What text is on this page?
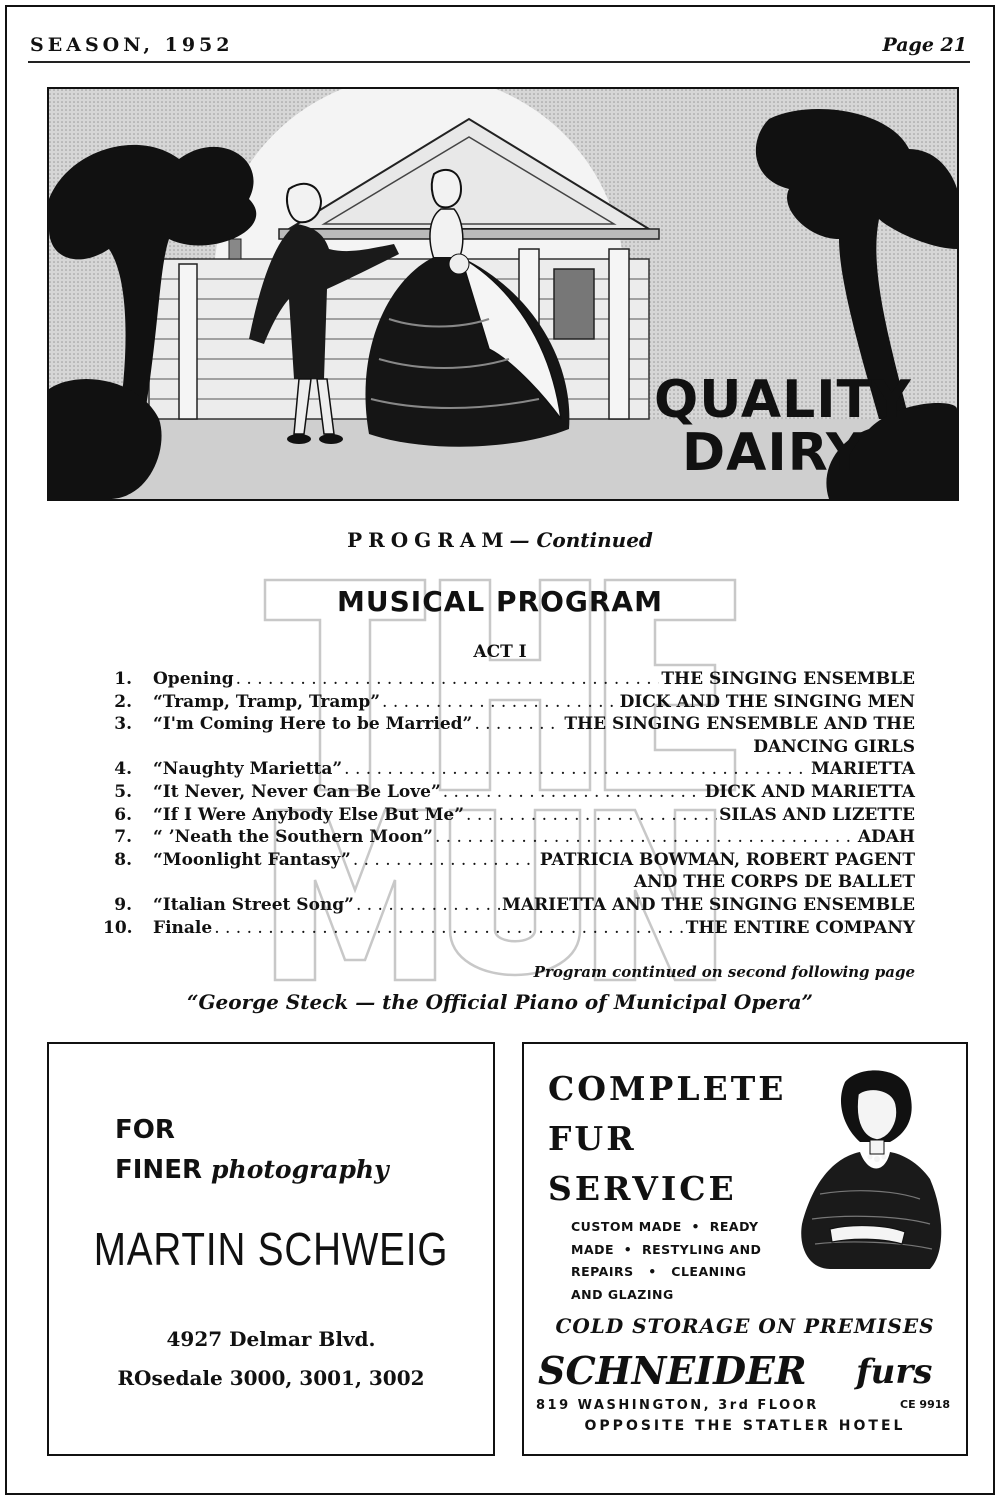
SEASON, 1952	Page 21
QUALITY
DAIRY
PROGRAM— Continued
MUSICAL PROGRAM
ACT I
1. Opening . . .	THE SINGING ENSEMBLE
2. “Tramp, Tramp, Tramp” . . .	DICK AND THE SINGING MEN
3. “I'm Coming Here to be Married” . . .	THE SINGING ENSEMBLE AND THE
DANCING GIRLS
4. “Naughty Marietta” . . .	MARIETTA
5. “It Never, Never Can Be Love” . . .	DICK AND MARIETTA
6. “If I Were Anybody Else But Me” . . .	SILAS AND LIZETTE
7. “ ’Neath the Southern Moon” . . .	ADAH
8. “Moonlight Fantasy” . . .	PATRICIA BOWMAN, ROBERT PAGENT
AND THE CORPS DE BALLET
9. “Italian Street Song” . . .	MARIETTA AND THE SINGING ENSEMBLE
10. Finale . . .	THE ENTIRE COMPANY
Program continued on second following page
“George Steck — the Official Piano of Municipal Opera”
FOR
FINER photography
MARTIN SCHWEIG
4927 Delmar Blvd.
ROsedale 3000, 3001, 3002
COMPLETE
FUR
SERVICE
CUSTOM MADE • READY
MADE • RESTYLING AND
REPAIRS • CLEANING
AND GLAZING
COLD STORAGE ON PREMISES
SCHNEIDER furs
819 WASHINGTON, 3rd FLOOR	CE 9918
OPPOSITE THE STATLER HOTEL
